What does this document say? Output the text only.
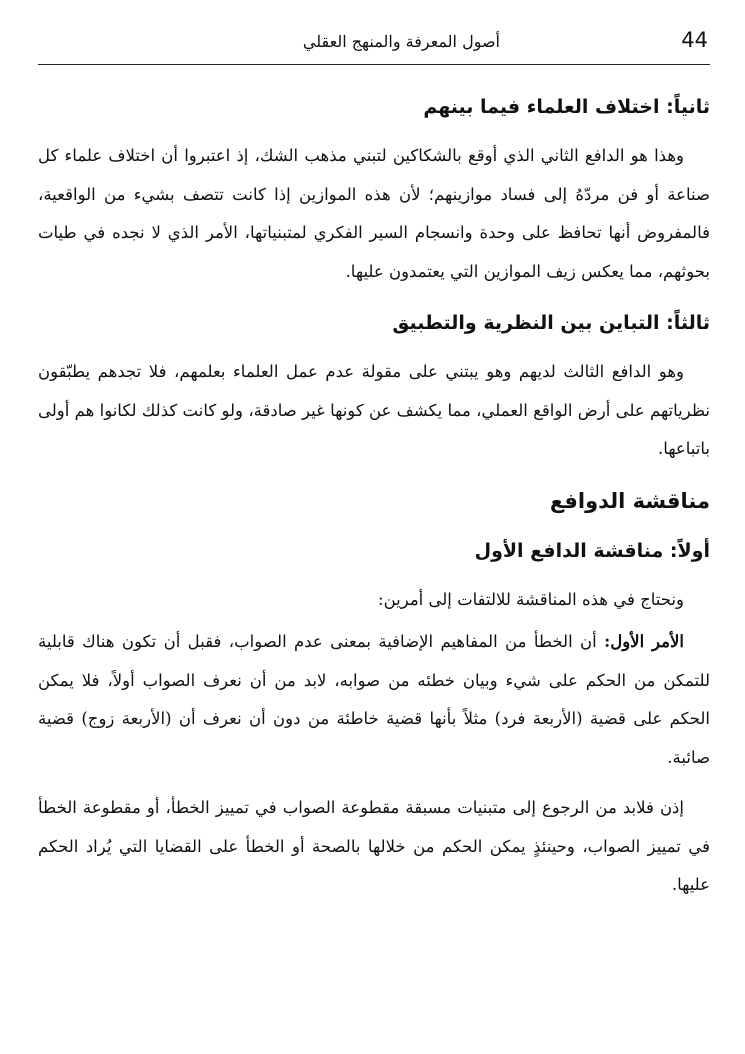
44
أصول المعرفة والمنهج العقلي
ثانياً: اختلاف العلماء فيما بينهم

وهذا هو الدافع الثاني الذي أوقع بالشكاكين لتبني مذهب الشك، إذ اعتبروا أن اختلاف علماء كل صناعة أو فن مردّهُ إلى فساد موازينهم؛ لأن هذه الموازين إذا كانت تتصف بشيء من الواقعية، فالمفروض أنها تحافظ على وحدة وانسجام السير الفكري لمتبنياتها، الأمر الذي لا نجده في طيات بحوثهم، مما يعكس زيف الموازين التي يعتمدون عليها.

ثالثاً: التباين بين النظرية والتطبيق

وهو الدافع الثالث لديهم وهو يبتني على مقولة عدم عمل العلماء بعلمهم، فلا تجدهم يطبّقون نظرياتهم على أرض الواقع العملي، مما يكشف عن كونها غير صادقة، ولو كانت كذلك لكانوا هم أولى باتباعها.

مناقشة الدوافع
أولاً: مناقشة الدافع الأول

ونحتاج في هذه المناقشة للالتفات إلى أمرين:

الأمر الأول: أن الخطأ من المفاهيم الإضافية بمعنى عدم الصواب، فقبل أن تكون هناك قابلية للتمكن من الحكم على شيء وبيان خطئه من صوابه، لابد من أن نعرف الصواب أولاً، فلا يمكن الحكم على قضية (الأربعة فرد) مثلاً بأنها قضية خاطئة من دون أن نعرف أن (الأربعة زوج) قضية صائبة.

إذن فلابد من الرجوع إلى متبنيات مسبقة مقطوعة الصواب في تمييز الخطأ، أو مقطوعة الخطأ في تمييز الصواب، وحينئذٍ يمكن الحكم من خلالها بالصحة أو الخطأ على القضايا التي يُراد الحكم عليها.
